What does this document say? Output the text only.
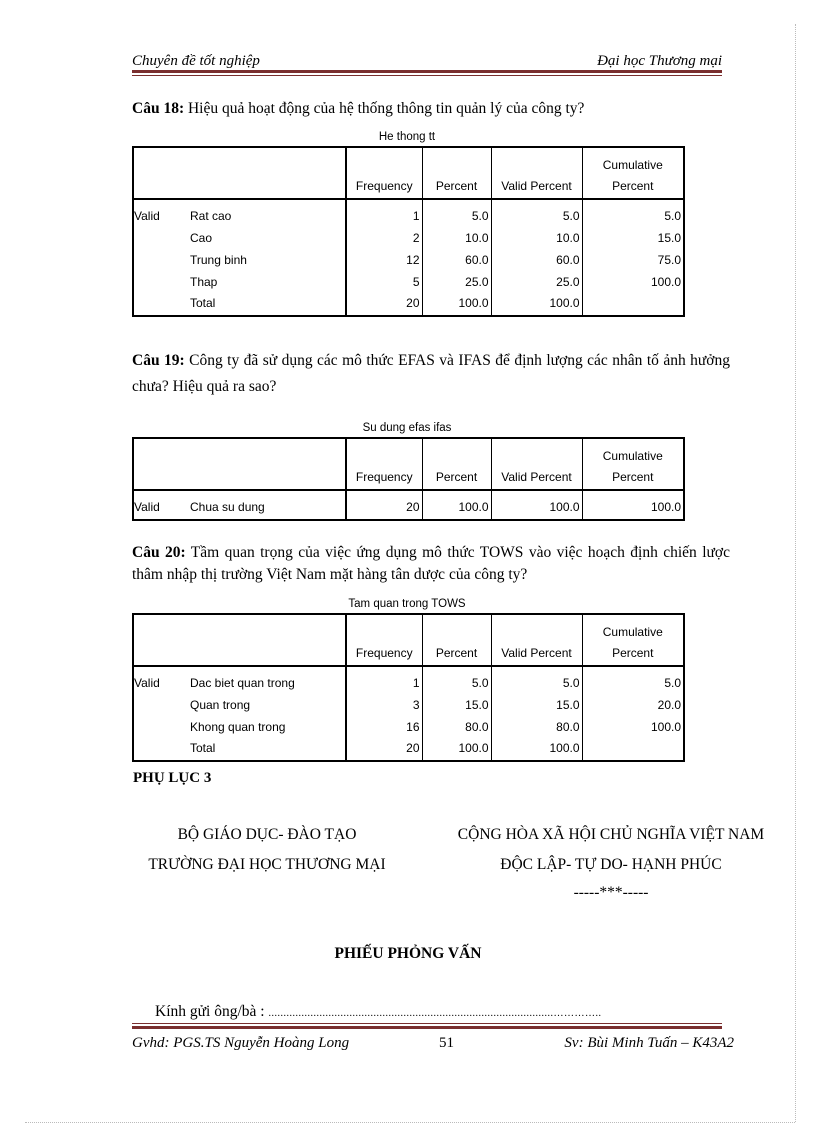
Chuyên đề tốt nghiệp	Đại học Thương mại
Câu 18: Hiệu quả hoạt động của hệ thống thông tin quản lý của công ty?
He thong tt
		Frequency	Percent	Valid Percent	Cumulative
Percent
Valid	Rat cao	1	5.0	5.0	5.0
	Cao	2	10.0	10.0	15.0
	Trung binh	12	60.0	60.0	75.0
	Thap	5	25.0	25.0	100.0
	Total	20	100.0	100.0	
Câu 19: Công ty đã sử dụng các mô thức EFAS và IFAS để định lượng các nhân tố ảnh hưởng chưa? Hiệu quả ra sao?
Su dung efas ifas
		Frequency	Percent	Valid Percent	Cumulative
Percent
Valid	Chua su dung	20	100.0	100.0	100.0
Câu 20: Tầm quan trọng của việc ứng dụng mô thức TOWS vào việc hoạch định chiến lược thâm nhập thị trường Việt Nam mặt hàng tân dược của công ty?
Tam quan trong TOWS
		Frequency	Percent	Valid Percent	Cumulative
Percent
Valid	Dac biet quan trong	1	5.0	5.0	5.0
	Quan trong	3	15.0	15.0	20.0
	Khong quan trong	16	80.0	80.0	100.0
	Total	20	100.0	100.0	
PHỤ LỤC 3
BỘ GIÁO DỤC- ĐÀO TẠO
TRƯỜNG ĐẠI HỌC THƯƠNG MẠI
CỘNG HÒA XÃ HỘI CHỦ NGHĨA VIỆT NAM
ĐỘC LẬP- TỰ DO- HẠNH PHÚC
-----***-----
PHIẾU PHỎNG VẤN
Kính gửi ông/bà : ...............................................................................................…………..
Gvhd: PGS.TS Nguyễn Hoàng Long	51	Sv: Bùi Minh Tuấn – K43A2
